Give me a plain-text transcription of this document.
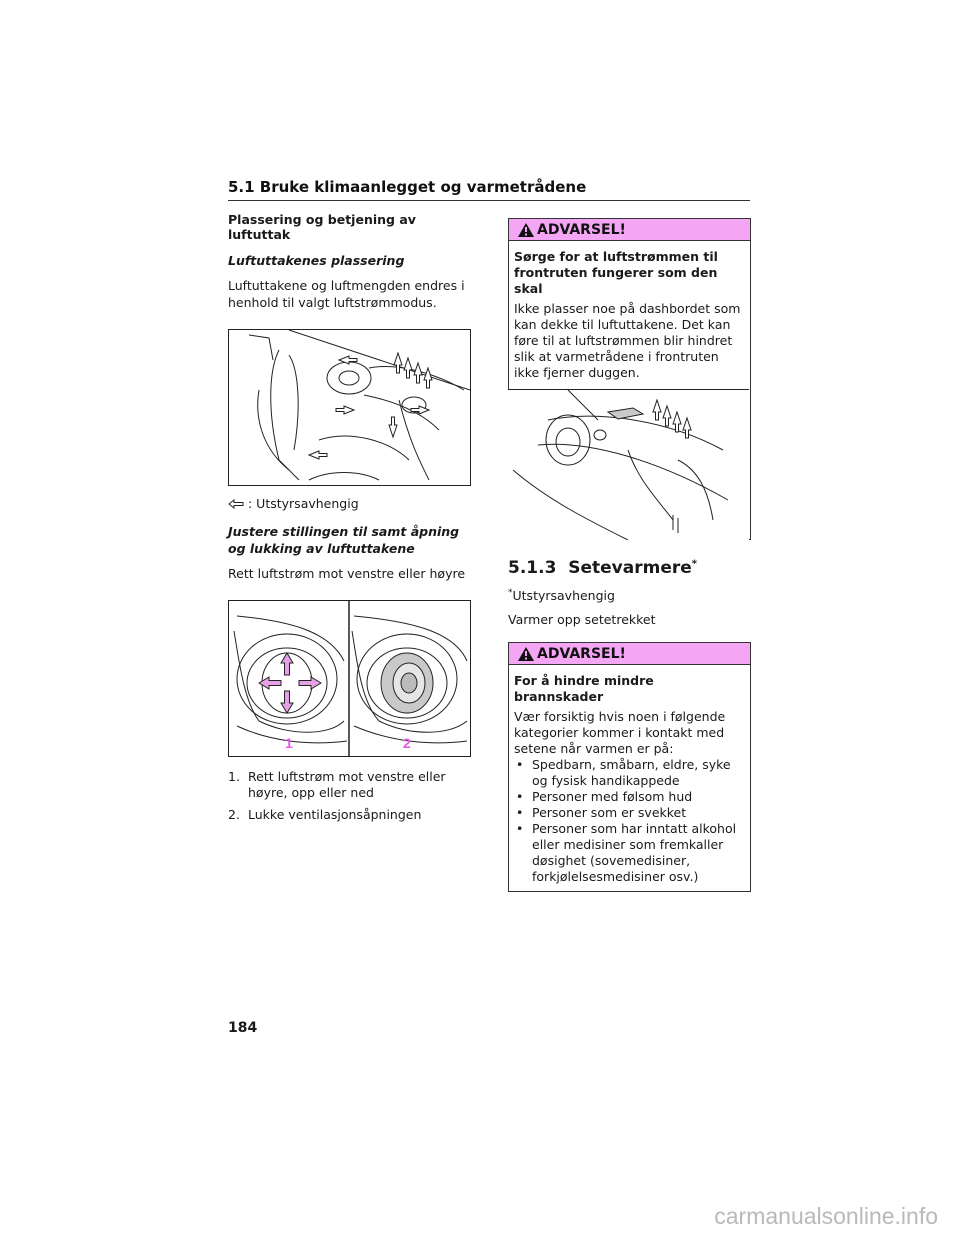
5.1 Bruke klimaanlegget og varmetrådene
Plassering og betjening av luftuttak
Luftuttakenes plassering
Luftuttakene og luftmengden endres i henhold til valgt luftstrømmodus.
: Utstyrsavhengig
Justere stillingen til samt åpning og lukking av luftuttakene
Rett luftstrøm mot venstre eller høyre
1	2
1. Rett luftstrøm mot venstre eller høyre, opp eller ned
2. Lukke ventilasjonsåpningen
ADVARSEL!
Sørge for at luftstrømmen til frontruten fungerer som den skal
Ikke plasser noe på dashbordet som kan dekke til luftuttakene. Det kan føre til at luftstrømmen blir hindret slik at varmetrådene i frontruten ikke fjerner duggen.
5.1.3 Setevarmere*
*Utstyrsavhengig
Varmer opp setetrekket
ADVARSEL!
For å hindre mindre brannskader
Vær forsiktig hvis noen i følgende kategorier kommer i kontakt med setene når varmen er på:
• Spedbarn, småbarn, eldre, syke og fysisk handikappede
• Personer med følsom hud
• Personer som er svekket
• Personer som har inntatt alkohol eller medisiner som fremkaller døsighet (sovemedisiner, forkjølelsesmedisiner osv.)
184
carmanualsonline.info
